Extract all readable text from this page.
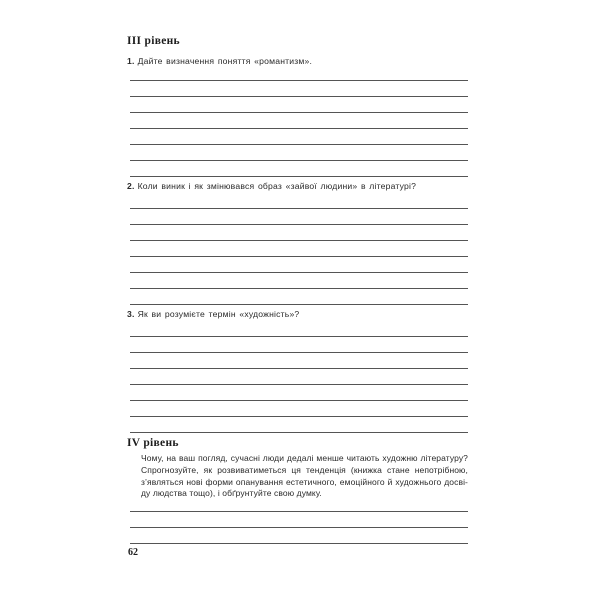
III рівень
1. Дайте визначення поняття «романтизм».
2. Коли виник і як змінювався образ «зайвої людини» в літературі?
3. Як ви розумієте термін «художність»?
IV рівень
Чому, на ваш погляд, сучасні люди дедалі менше читають художню літературу?
Спрогнозуйте, як розвиватиметься ця тенденція (книжка стане непотрібною,
з’являться нові форми опанування естетичного, емоційного й художнього досві-
ду людства тощо), і обґрунтуйте свою думку.
62
